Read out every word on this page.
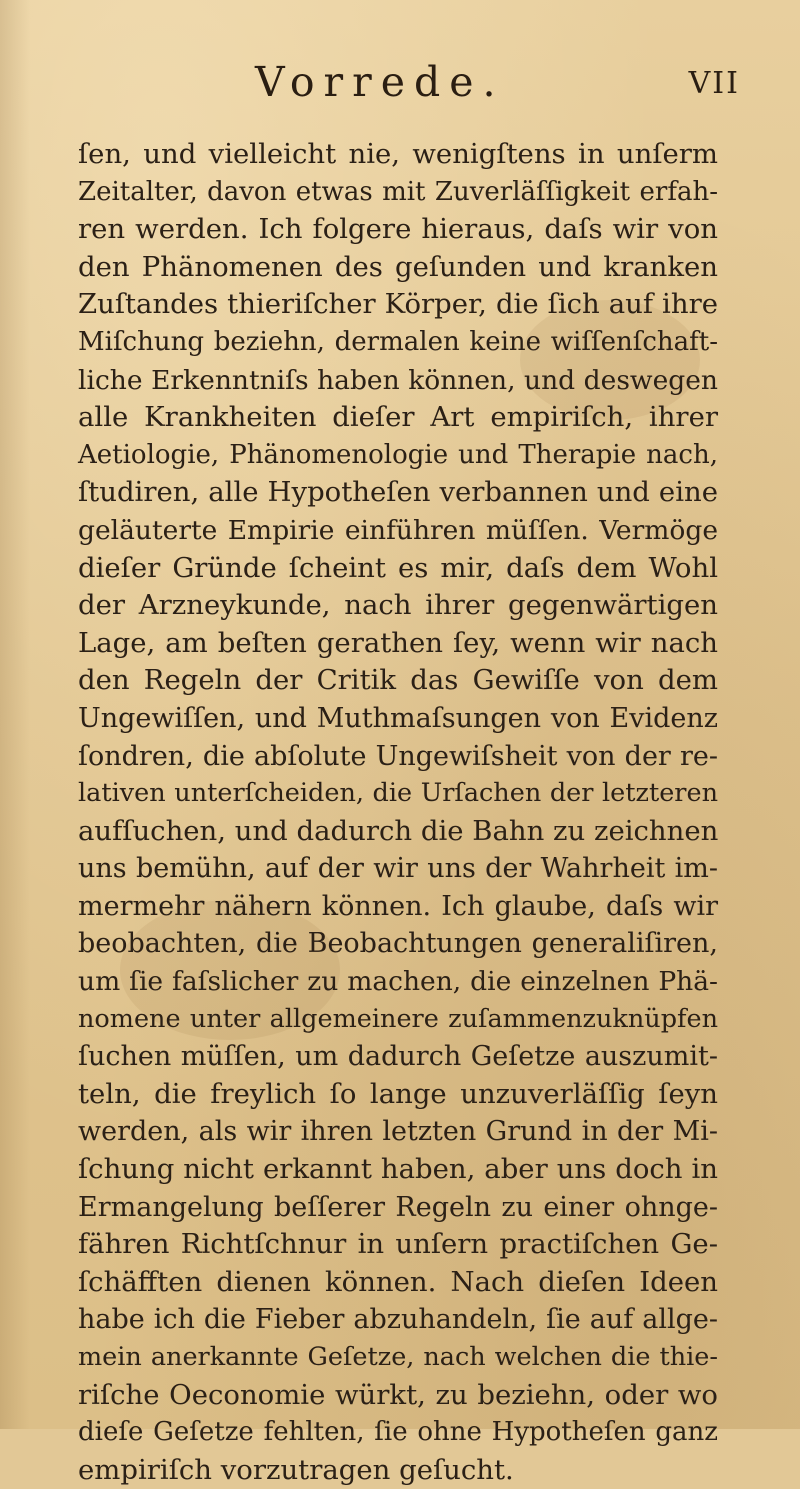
Vorrede.	VII
ſen, und vielleicht nie, wenigſtens in unſerm
Zeitalter, davon etwas mit Zuverläſſigkeit erfah-
ren werden. Ich folgere hieraus, daſs wir von
den Phänomenen des geſunden und kranken
Zuſtandes thieriſcher Körper, die ſich auf ihre
Miſchung beziehn, dermalen keine wiſſenſchaft-
liche Erkenntniſs haben können, und deswegen
alle Krankheiten dieſer Art empiriſch, ihrer
Aetiologie, Phänomenologie und Therapie nach,
ſtudiren, alle Hypotheſen verbannen und eine
geläuterte Empirie einführen müſſen. Vermöge
dieſer Gründe ſcheint es mir, daſs dem Wohl
der Arzneykunde, nach ihrer gegenwärtigen
Lage, am beſten gerathen ſey, wenn wir nach
den Regeln der Critik das Gewiſſe von dem
Ungewiſſen, und Muthmaſsungen von Evidenz
ſondren, die abſolute Ungewiſsheit von der re-
lativen unterſcheiden, die Urſachen der letzteren
aufſuchen, und dadurch die Bahn zu zeichnen
uns bemühn, auf der wir uns der Wahrheit im-
mermehr nähern können. Ich glaube, daſs wir
beobachten, die Beobachtungen generaliſiren,
um ſie faſslicher zu machen, die einzelnen Phä-
nomene unter allgemeinere zuſammenzuknüpfen
ſuchen müſſen, um dadurch Geſetze auszumit-
teln, die freylich ſo lange unzuverläſſig ſeyn
werden, als wir ihren letzten Grund in der Mi-
ſchung nicht erkannt haben, aber uns doch in
Ermangelung beſſerer Regeln zu einer ohnge-
fähren Richtſchnur in unſern practiſchen Ge-
ſchäfften dienen können. Nach dieſen Ideen
habe ich die Fieber abzuhandeln, ſie auf allge-
mein anerkannte Geſetze, nach welchen die thie-
riſche Oeconomie würkt, zu beziehn, oder wo
dieſe Geſetze fehlten, ſie ohne Hypotheſen ganz
empiriſch vorzutragen geſucht.
